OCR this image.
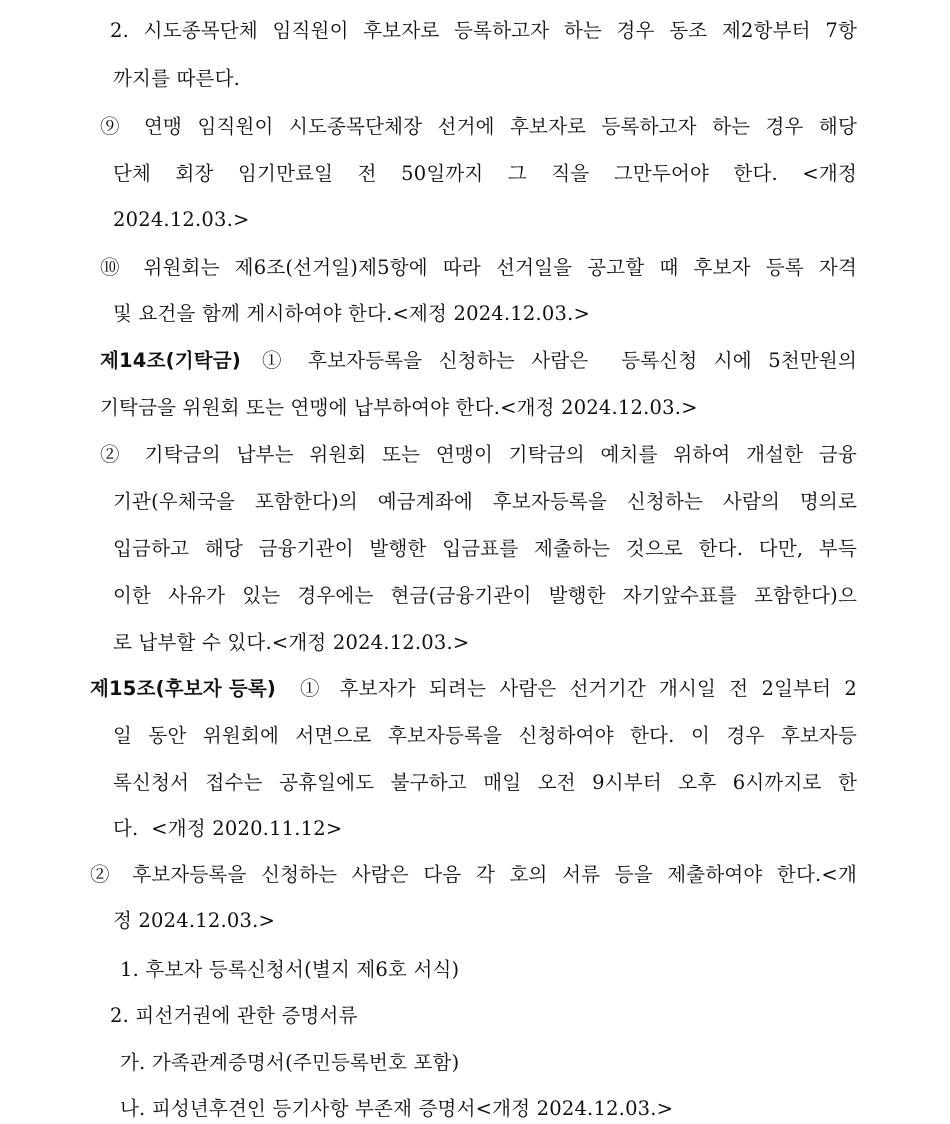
2. 시도종목단체 임직원이 후보자로 등록하고자 하는 경우 동조 제2항부터 7항
까지를 따른다.
⑨ 연맹 임직원이 시도종목단체장 선거에 후보자로 등록하고자 하는 경우 해당
단체 회장 임기만료일 전 50일까지 그 직을 그만두어야 한다. <개정
2024.12.03.>
⑩ 위원회는 제6조(선거일)제5항에 따라 선거일을 공고할 때 후보자 등록 자격
및 요건을 함께 게시하여야 한다.<제정 2024.12.03.>
제14조(기탁금) ① 후보자등록을 신청하는 사람은  등록신청 시에 5천만원의
기탁금을 위원회 또는 연맹에 납부하여야 한다.<개정 2024.12.03.>
② 기탁금의 납부는 위원회 또는 연맹이 기탁금의 예치를 위하여 개설한 금융
기관(우체국을 포함한다)의 예금계좌에 후보자등록을 신청하는 사람의 명의로
입금하고 해당 금융기관이 발행한 입금표를 제출하는 것으로 한다. 다만, 부득
이한 사유가 있는 경우에는 현금(금융기관이 발행한 자기앞수표를 포함한다)으
로 납부할 수 있다.<개정 2024.12.03.>
제15조(후보자 등록) ① 후보자가 되려는 사람은 선거기간 개시일 전 2일부터 2
일 동안 위원회에 서면으로 후보자등록을 신청하여야 한다. 이 경우 후보자등
록신청서 접수는 공휴일에도 불구하고 매일 오전 9시부터 오후 6시까지로 한
다.  <개정 2020.11.12>
② 후보자등록을 신청하는 사람은 다음 각 호의 서류 등을 제출하여야 한다.<개
정 2024.12.03.>
1. 후보자 등록신청서(별지 제6호 서식)
2. 피선거권에 관한 증명서류
가. 가족관계증명서(주민등록번호 포함)
나. 피성년후견인 등기사항 부존재 증명서<개정 2024.12.03.>
